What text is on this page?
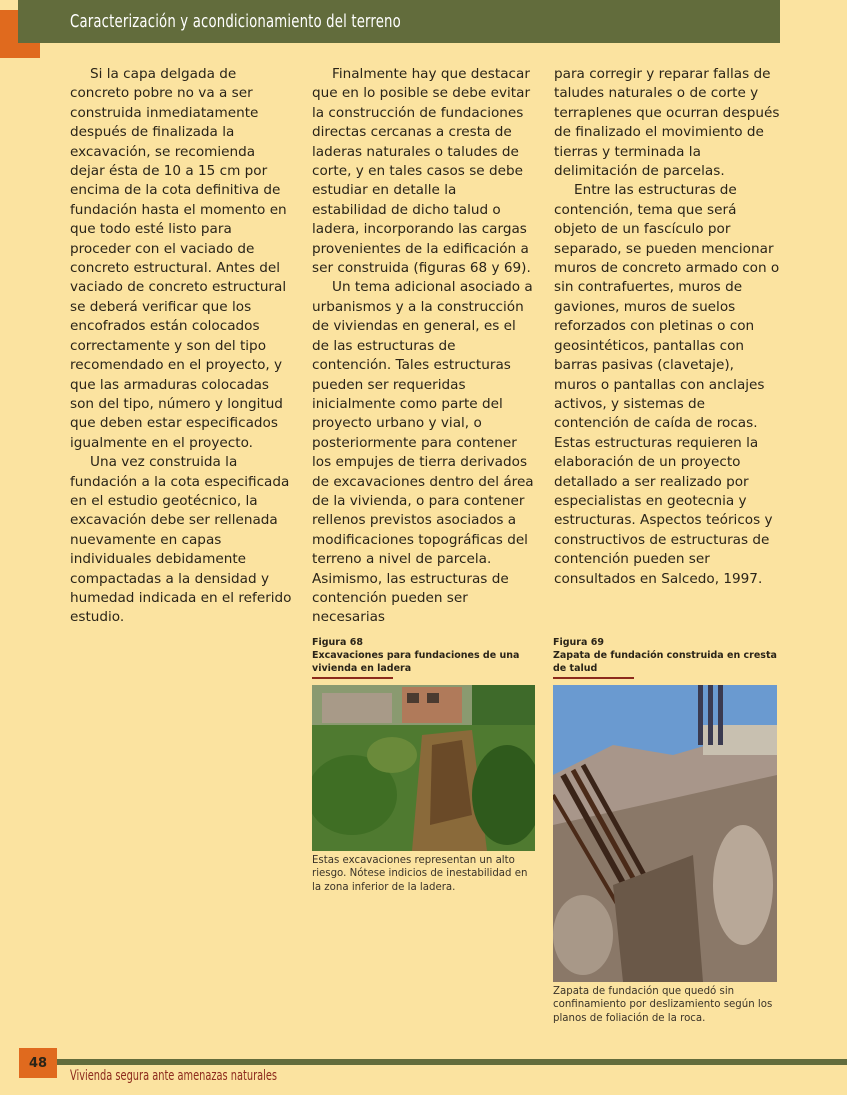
Caracterización y acondicionamiento del terreno

Si la capa delgada de concreto pobre no va a ser construida inmediatamente después de finalizada la excavación, se recomienda dejar ésta de 10 a 15 cm por encima de la cota definitiva de fundación hasta el momento en que todo esté listo para proceder con el vaciado de concreto estructural. Antes del vaciado de concreto estructural se deberá verificar que los encofrados están colocados correctamente y son del tipo recomendado en el proyecto, y que las armaduras colocadas son del tipo, número y longitud que deben estar especificados igualmente en el proyecto.

Una vez construida la fundación a la cota especificada en el estudio geotécnico, la excavación debe ser rellenada nuevamente en capas individuales debidamente compactadas a la densidad y humedad indicada en el referido estudio.

Finalmente hay que destacar que en lo posible se debe evitar la construcción de fundaciones directas cercanas a cresta de laderas naturales o taludes de corte, y en tales casos se debe estudiar en detalle la estabilidad de dicho talud o ladera, incorporando las cargas provenientes de la edificación a ser construida (figuras 68 y 69).

Un tema adicional asociado a urbanismos y a la construcción de viviendas en general, es el de las estructuras de contención. Tales estructuras pueden ser requeridas inicialmente como parte del proyecto urbano y vial, o posteriormente para contener los empujes de tierra derivados de excavaciones dentro del área de la vivienda, o para contener rellenos previstos asociados a modificaciones topográficas del terreno a nivel de parcela. Asimismo, las estructuras de contención pueden ser necesarias

para corregir y reparar fallas de taludes naturales o de corte y terraplenes que ocurran después de finalizado el movimiento de tierras y terminada la delimitación de parcelas.

Entre las estructuras de contención, tema que será objeto de un fascículo por separado, se pueden mencionar muros de concreto armado con o sin contrafuertes, muros de gaviones, muros de suelos reforzados con pletinas o con geosintéticos, pantallas con barras pasivas (clavetaje), muros o pantallas con anclajes activos, y sistemas de contención de caída de rocas. Estas estructuras requieren la elaboración de un proyecto detallado a ser realizado por especialistas en geotecnia y estructuras. Aspectos teóricos y constructivos de estructuras de contención pueden ser consultados en Salcedo, 1997.

Figura 68
Excavaciones para fundaciones de una vivienda en ladera
Estas excavaciones representan un alto riesgo. Nótese indicios de inestabilidad en la zona inferior de la ladera.
Figura 69
Zapata de fundación construida en cresta de talud
Zapata de fundación que quedó sin confinamiento por deslizamiento según los planos de foliación de la roca.
48
Vivienda segura ante amenazas naturales
